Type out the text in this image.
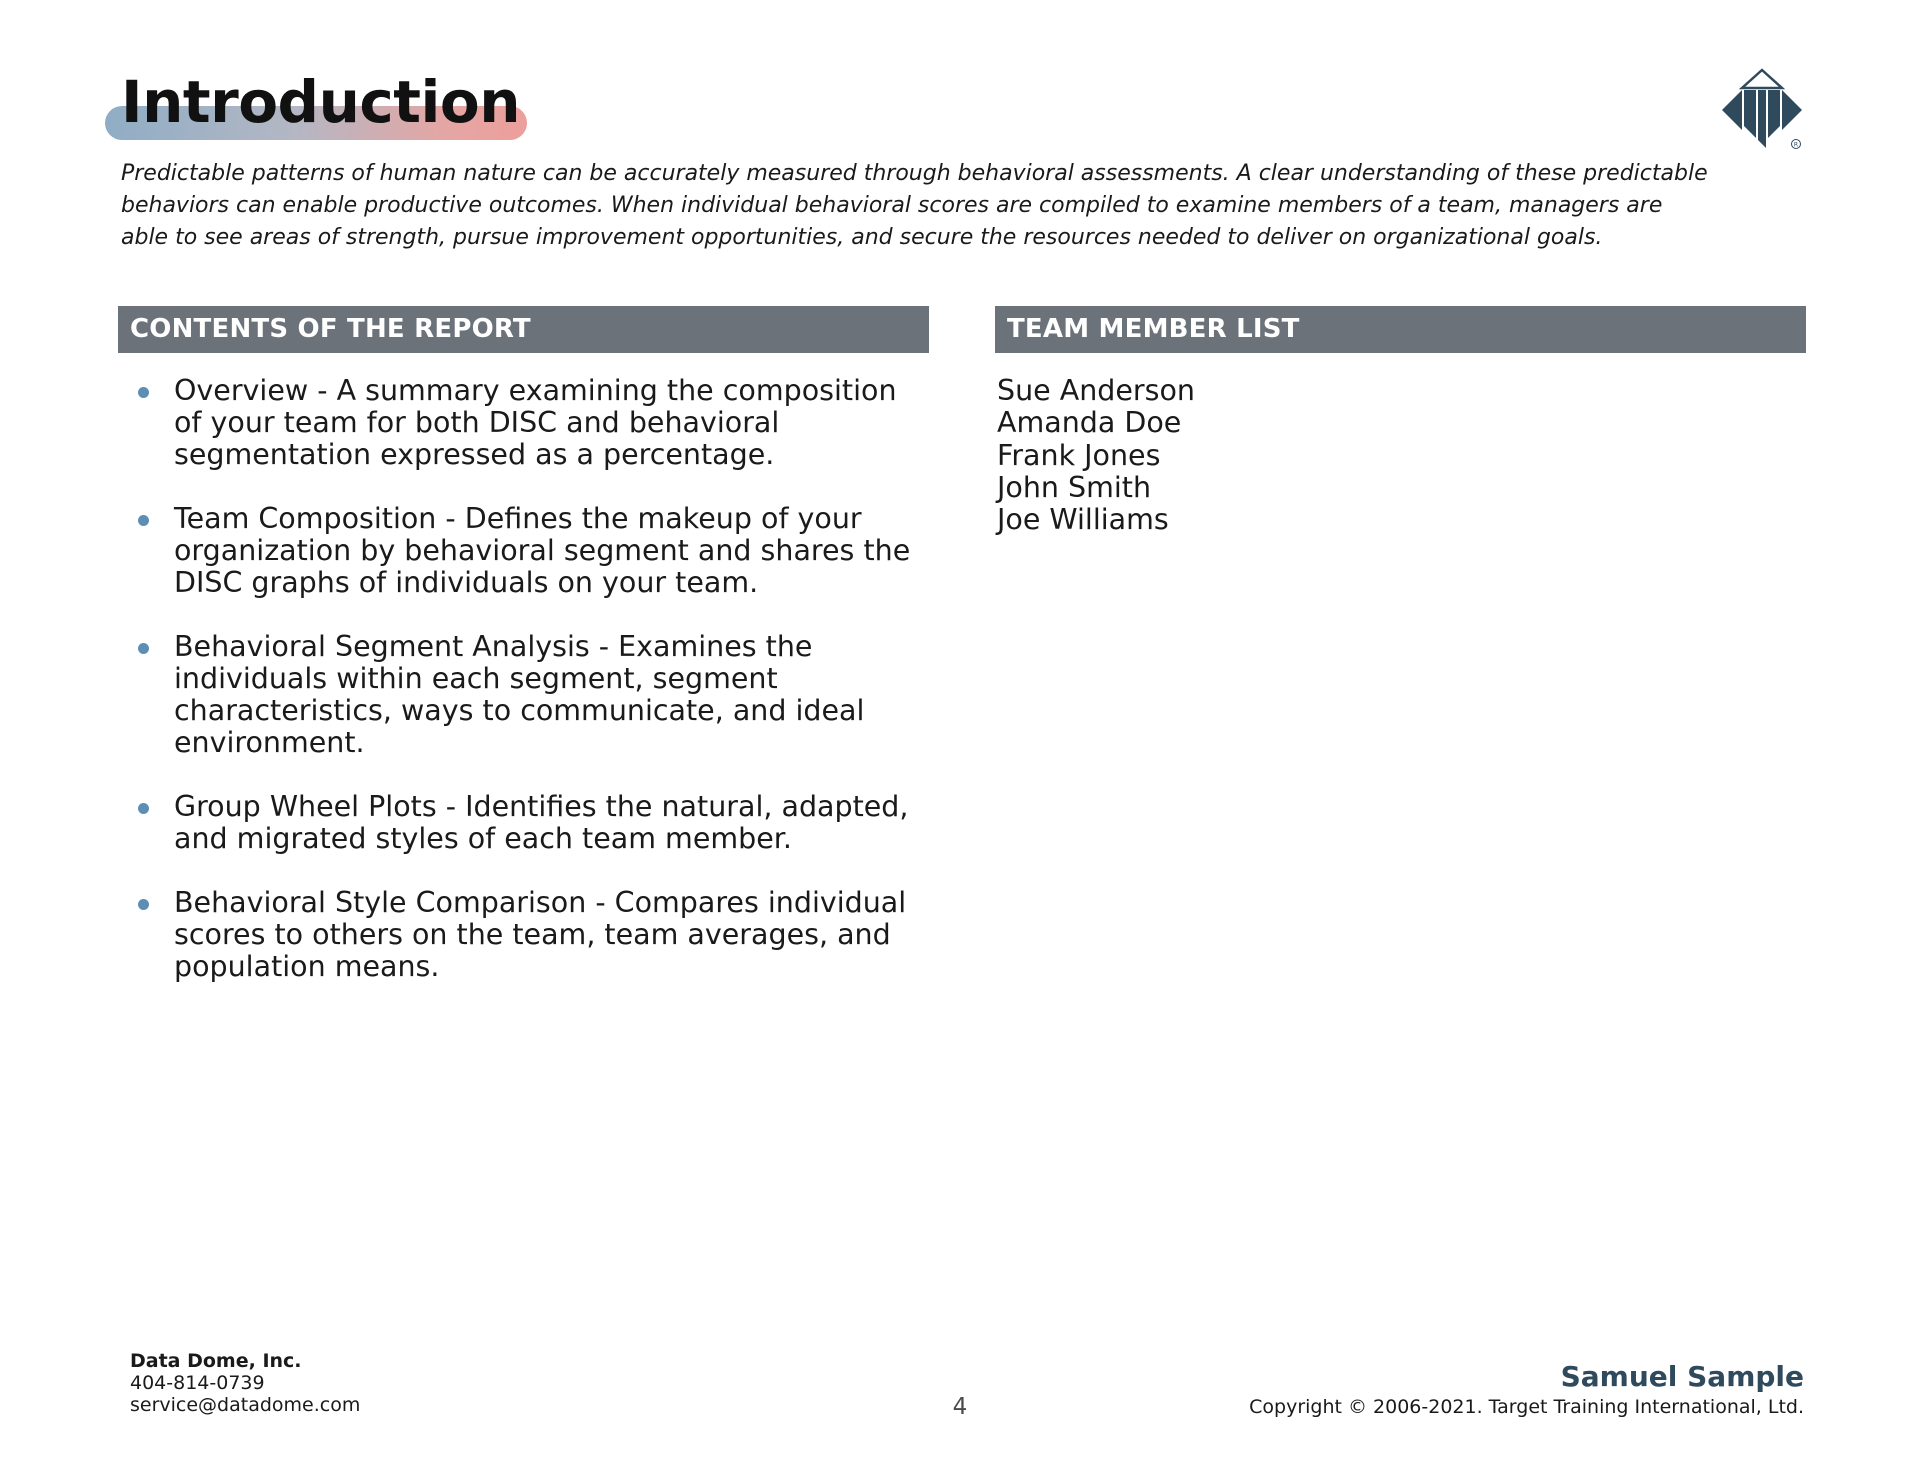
Introduction
R

Predictable patterns of human nature can be accurately measured through behavioral assessments. A clear understanding of these predictable behaviors can enable productive outcomes. When individual behavioral scores are compiled to examine members of a team, managers are able to see areas of strength, pursue improvement opportunities, and secure the resources needed to deliver on organizational goals.

CONTENTS OF THE REPORT	TEAM MEMBER LIST
Overview - A summary examining the composition of your team for both DISC and behavioral segmentation expressed as a percentage.
Team Composition - Defines the makeup of your organization by behavioral segment and shares the DISC graphs of individuals on your team.
Behavioral Segment Analysis - Examines the individuals within each segment, segment characteristics, ways to communicate, and ideal environment.
Group Wheel Plots - Identifies the natural, adapted, and migrated styles of each team member.
Behavioral Style Comparison - Compares individual scores to others on the team, team averages, and population means.
Sue Anderson
Amanda Doe
Frank Jones
John Smith
Joe Williams
Data Dome, Inc.
404-814-0739
service@datadome.com	4
Samuel Sample
Copyright © 2006-2021. Target Training International, Ltd.
